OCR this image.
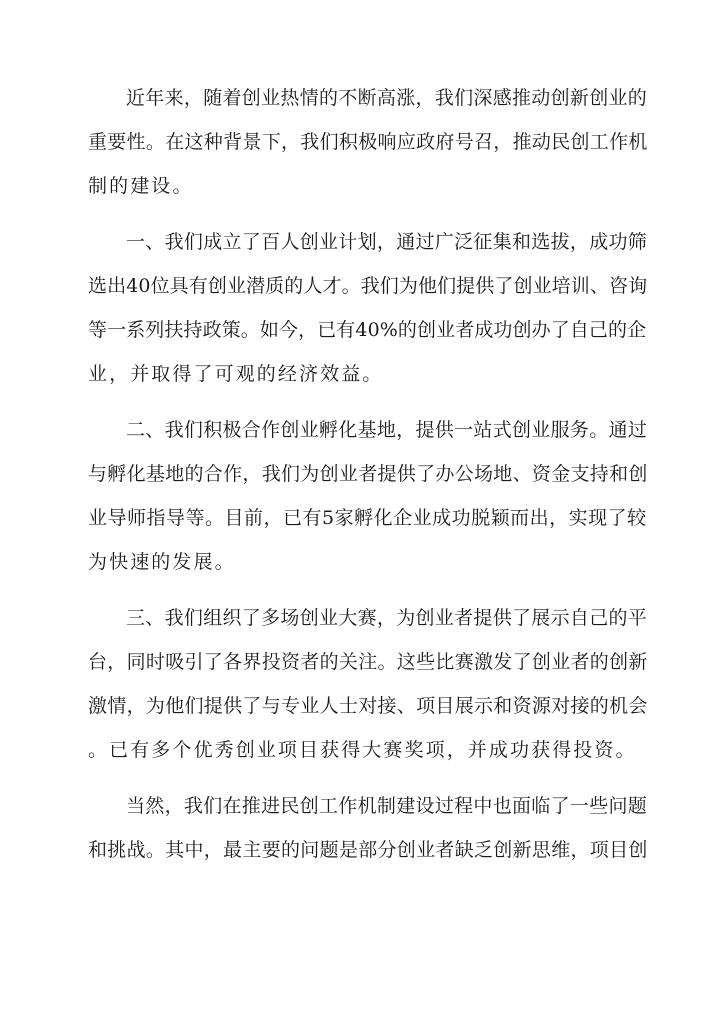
近年来，随着创业热情的不断高涨，我们深感推动创新创业的
重要性。在这种背景下，我们积极响应政府号召，推动民创工作机
制的建设。
一、我们成立了百人创业计划，通过广泛征集和选拔，成功筛
选出40位具有创业潜质的人才。我们为他们提供了创业培训、咨询
等一系列扶持政策。如今，已有40%的创业者成功创办了自己的企
业，并取得了可观的经济效益。
二、我们积极合作创业孵化基地，提供一站式创业服务。通过
与孵化基地的合作，我们为创业者提供了办公场地、资金支持和创
业导师指导等。目前，已有5家孵化企业成功脱颖而出，实现了较
为快速的发展。
三、我们组织了多场创业大赛，为创业者提供了展示自己的平
台，同时吸引了各界投资者的关注。这些比赛激发了创业者的创新
激情，为他们提供了与专业人士对接、项目展示和资源对接的机会
。已有多个优秀创业项目获得大赛奖项，并成功获得投资。
当然，我们在推进民创工作机制建设过程中也面临了一些问题
和挑战。其中，最主要的问题是部分创业者缺乏创新思维，项目创
